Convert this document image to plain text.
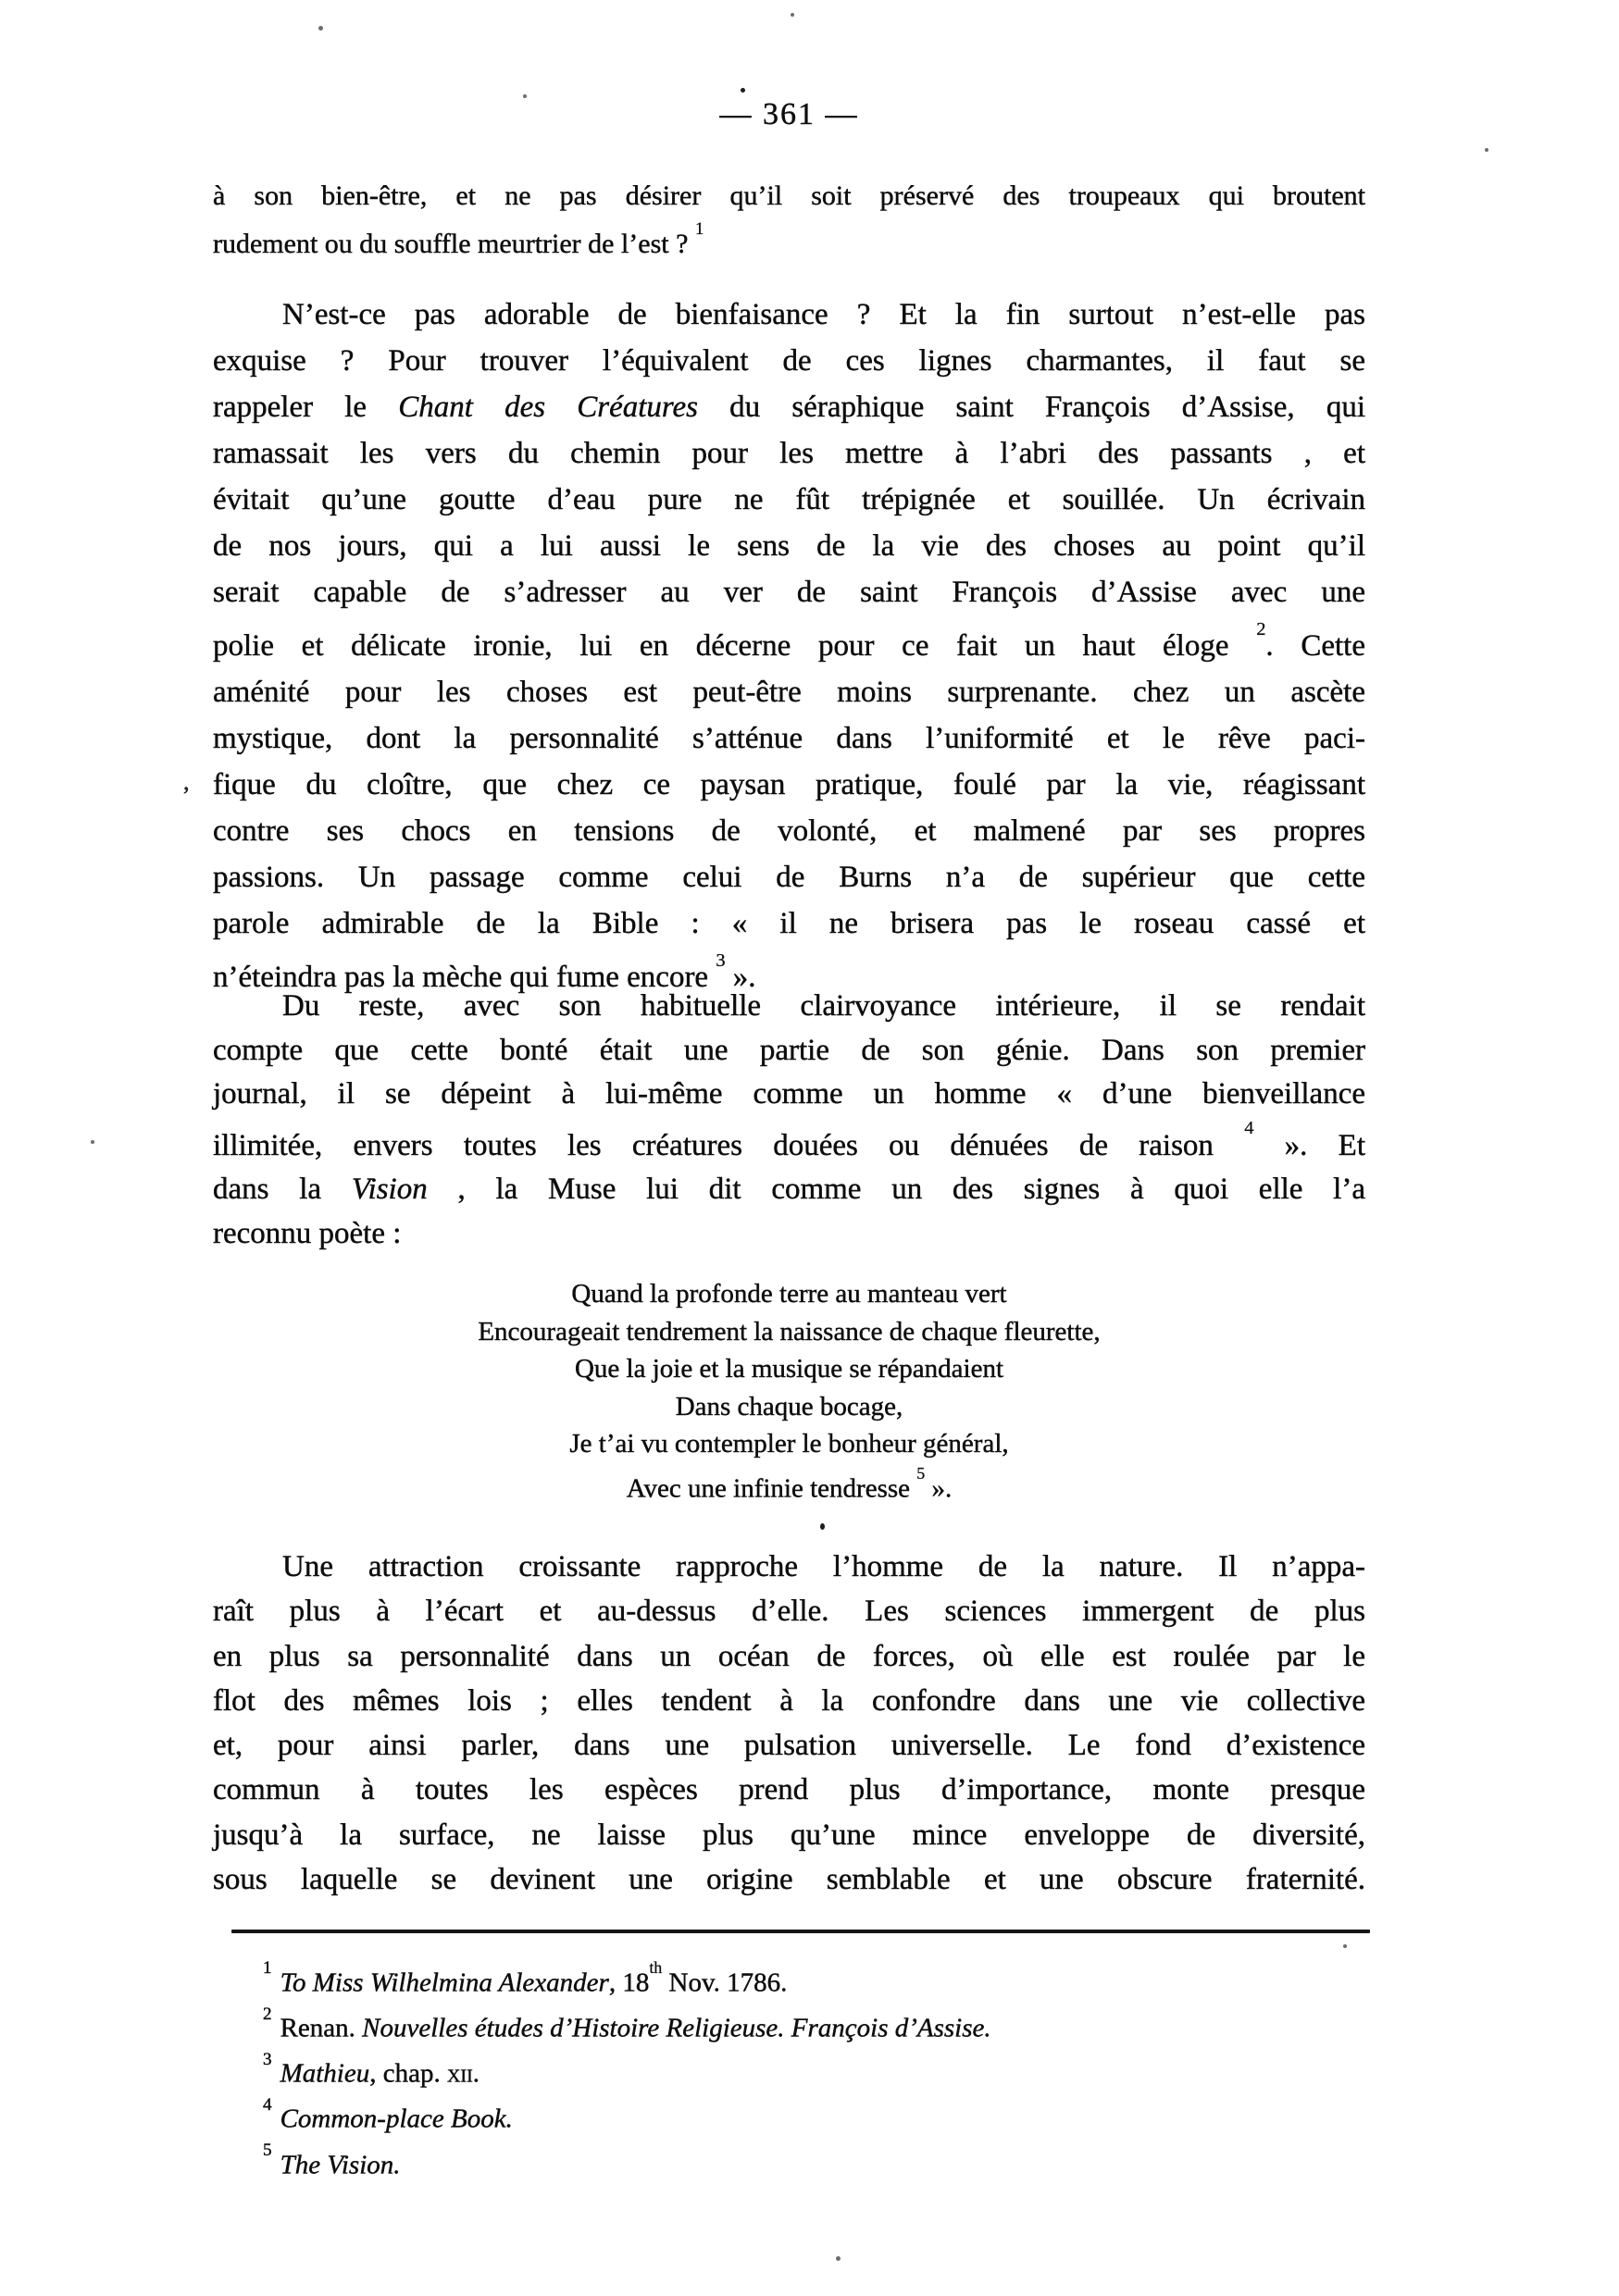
— 361 —
à son bien-être, et ne pas désirer qu’il soit préservé des troupeaux qui broutent
rudement ou du souffle meurtrier de l’est ? $^1$
N’est-ce pas adorable de bienfaisance ? Et la fin surtout n’est-elle pas
exquise ? Pour trouver l’équivalent de ces lignes charmantes, il faut se
rappeler le Chant des Créatures du séraphique saint François d’Assise, qui
ramassait les vers du chemin pour les mettre à l’abri des passants , et
évitait qu’une goutte d’eau pure ne fût trépignée et souillée. Un écrivain
de nos jours, qui a lui aussi le sens de la vie des choses au point qu’il
serait capable de s’adresser au ver de saint François d’Assise avec une
polie et délicate ironie, lui en décerne pour ce fait un haut éloge $^2$. Cette
aménité pour les choses est peut-être moins surprenante. chez un ascète
mystique, dont la personnalité s’atténue dans l’uniformité et le rêve paci-
fique du cloître, que chez ce paysan pratique, foulé par la vie, réagissant
contre ses chocs en tensions de volonté, et malmené par ses propres
passions. Un passage comme celui de Burns n’a de supérieur que cette
parole admirable de la Bible : « il ne brisera pas le roseau cassé et
n’éteindra pas la mèche qui fume encore $^3$ ».
Du reste, avec son habituelle clairvoyance intérieure, il se rendait
compte que cette bonté était une partie de son génie. Dans son premier
journal, il se dépeint à lui-même comme un homme « d’une bienveillance
illimitée, envers toutes les créatures douées ou dénuées de raison $^4$ ». Et
dans la Vision , la Muse lui dit comme un des signes à quoi elle l’a
reconnu poète :
Quand la profonde terre au manteau vert
Encourageait tendrement la naissance de chaque fleurette,
Que la joie et la musique se répandaient
Dans chaque bocage,
Je t’ai vu contempler le bonheur général,
Avec une infinie tendresse $^5$ ».
Une attraction croissante rapproche l’homme de la nature. Il n’appa-
raît plus à l’écart et au-dessus d’elle. Les sciences immergent de plus
en plus sa personnalité dans un océan de forces, où elle est roulée par le
flot des mêmes lois ; elles tendent à la confondre dans une vie collective
et, pour ainsi parler, dans une pulsation universelle. Le fond d’existence
commun à toutes les espèces prend plus d’importance, monte presque
jusqu’à la surface, ne laisse plus qu’une mince enveloppe de diversité,
sous laquelle se devinent une origine semblable et une obscure fraternité.
$^1$ To Miss Wilhelmina Alexander, 18th Nov. 1786.
$^2$ Renan. Nouvelles études d’Histoire Religieuse. François d’Assise.
$^3$ Mathieu, chap. xii.
$^4$ Common-place Book.
$^5$ The Vision.
,
